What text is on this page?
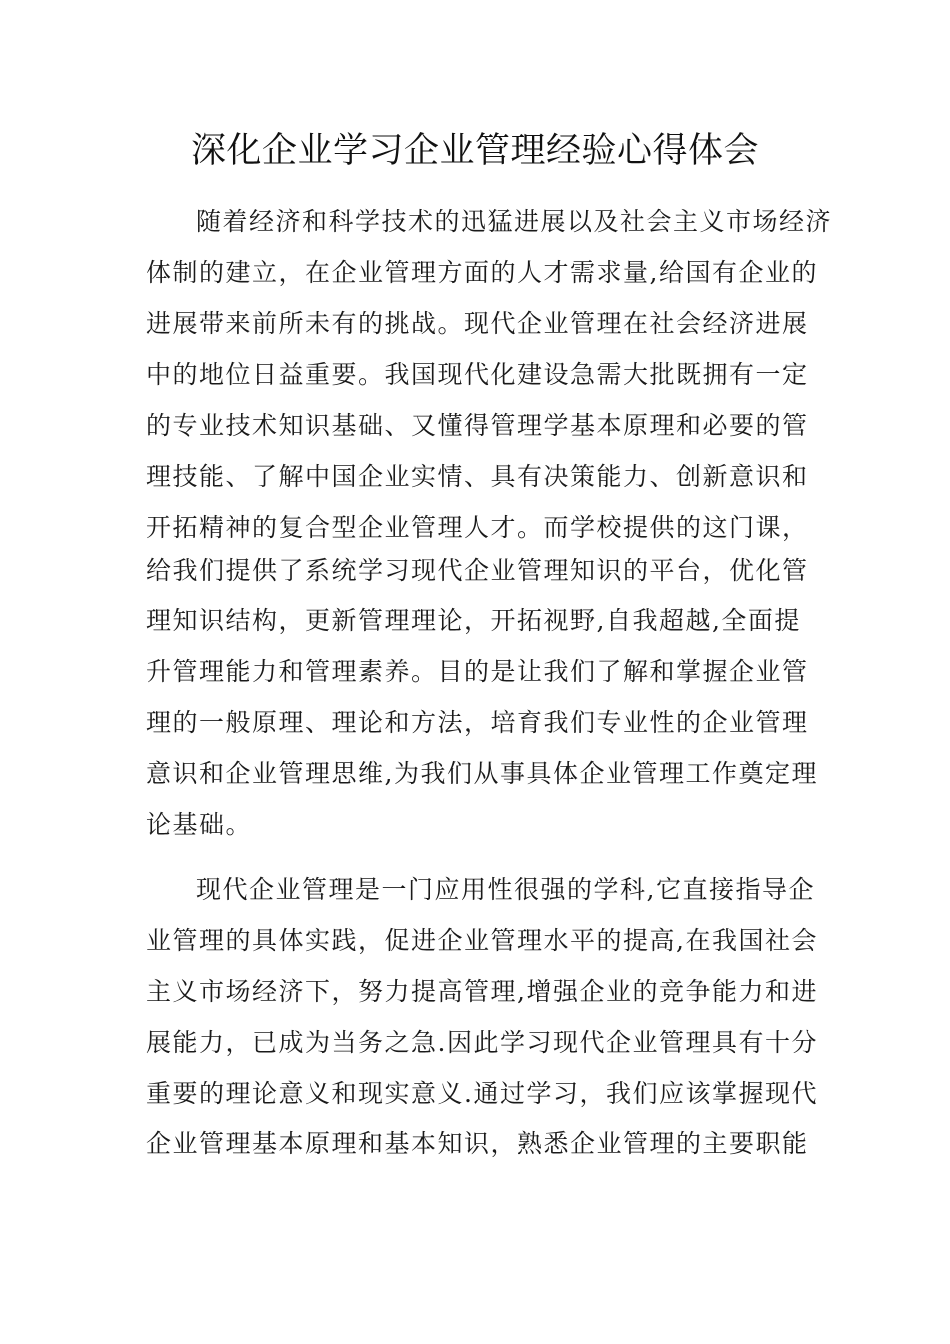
深化企业学习企业管理经验心得体会
随着经济和科学技术的迅猛进展以及社会主义市场经济
体制的建立，在企业管理方面的人才需求量,给国有企业的
进展带来前所未有的挑战。现代企业管理在社会经济进展
中的地位日益重要。我国现代化建设急需大批既拥有一定
的专业技术知识基础、又懂得管理学基本原理和必要的管
理技能、了解中国企业实情、具有决策能力、创新意识和
开拓精神的复合型企业管理人才。而学校提供的这门课，
给我们提供了系统学习现代企业管理知识的平台，优化管
理知识结构，更新管理理论，开拓视野,自我超越,全面提
升管理能力和管理素养。目的是让我们了解和掌握企业管
理的一般原理、理论和方法，培育我们专业性的企业管理
意识和企业管理思维,为我们从事具体企业管理工作奠定理
论基础。
现代企业管理是一门应用性很强的学科,它直接指导企
业管理的具体实践，促进企业管理水平的提高,在我国社会
主义市场经济下，努力提高管理,增强企业的竞争能力和进
展能力，已成为当务之急.因此学习现代企业管理具有十分
重要的理论意义和现实意义.通过学习，我们应该掌握现代
企业管理基本原理和基本知识，熟悉企业管理的主要职能
